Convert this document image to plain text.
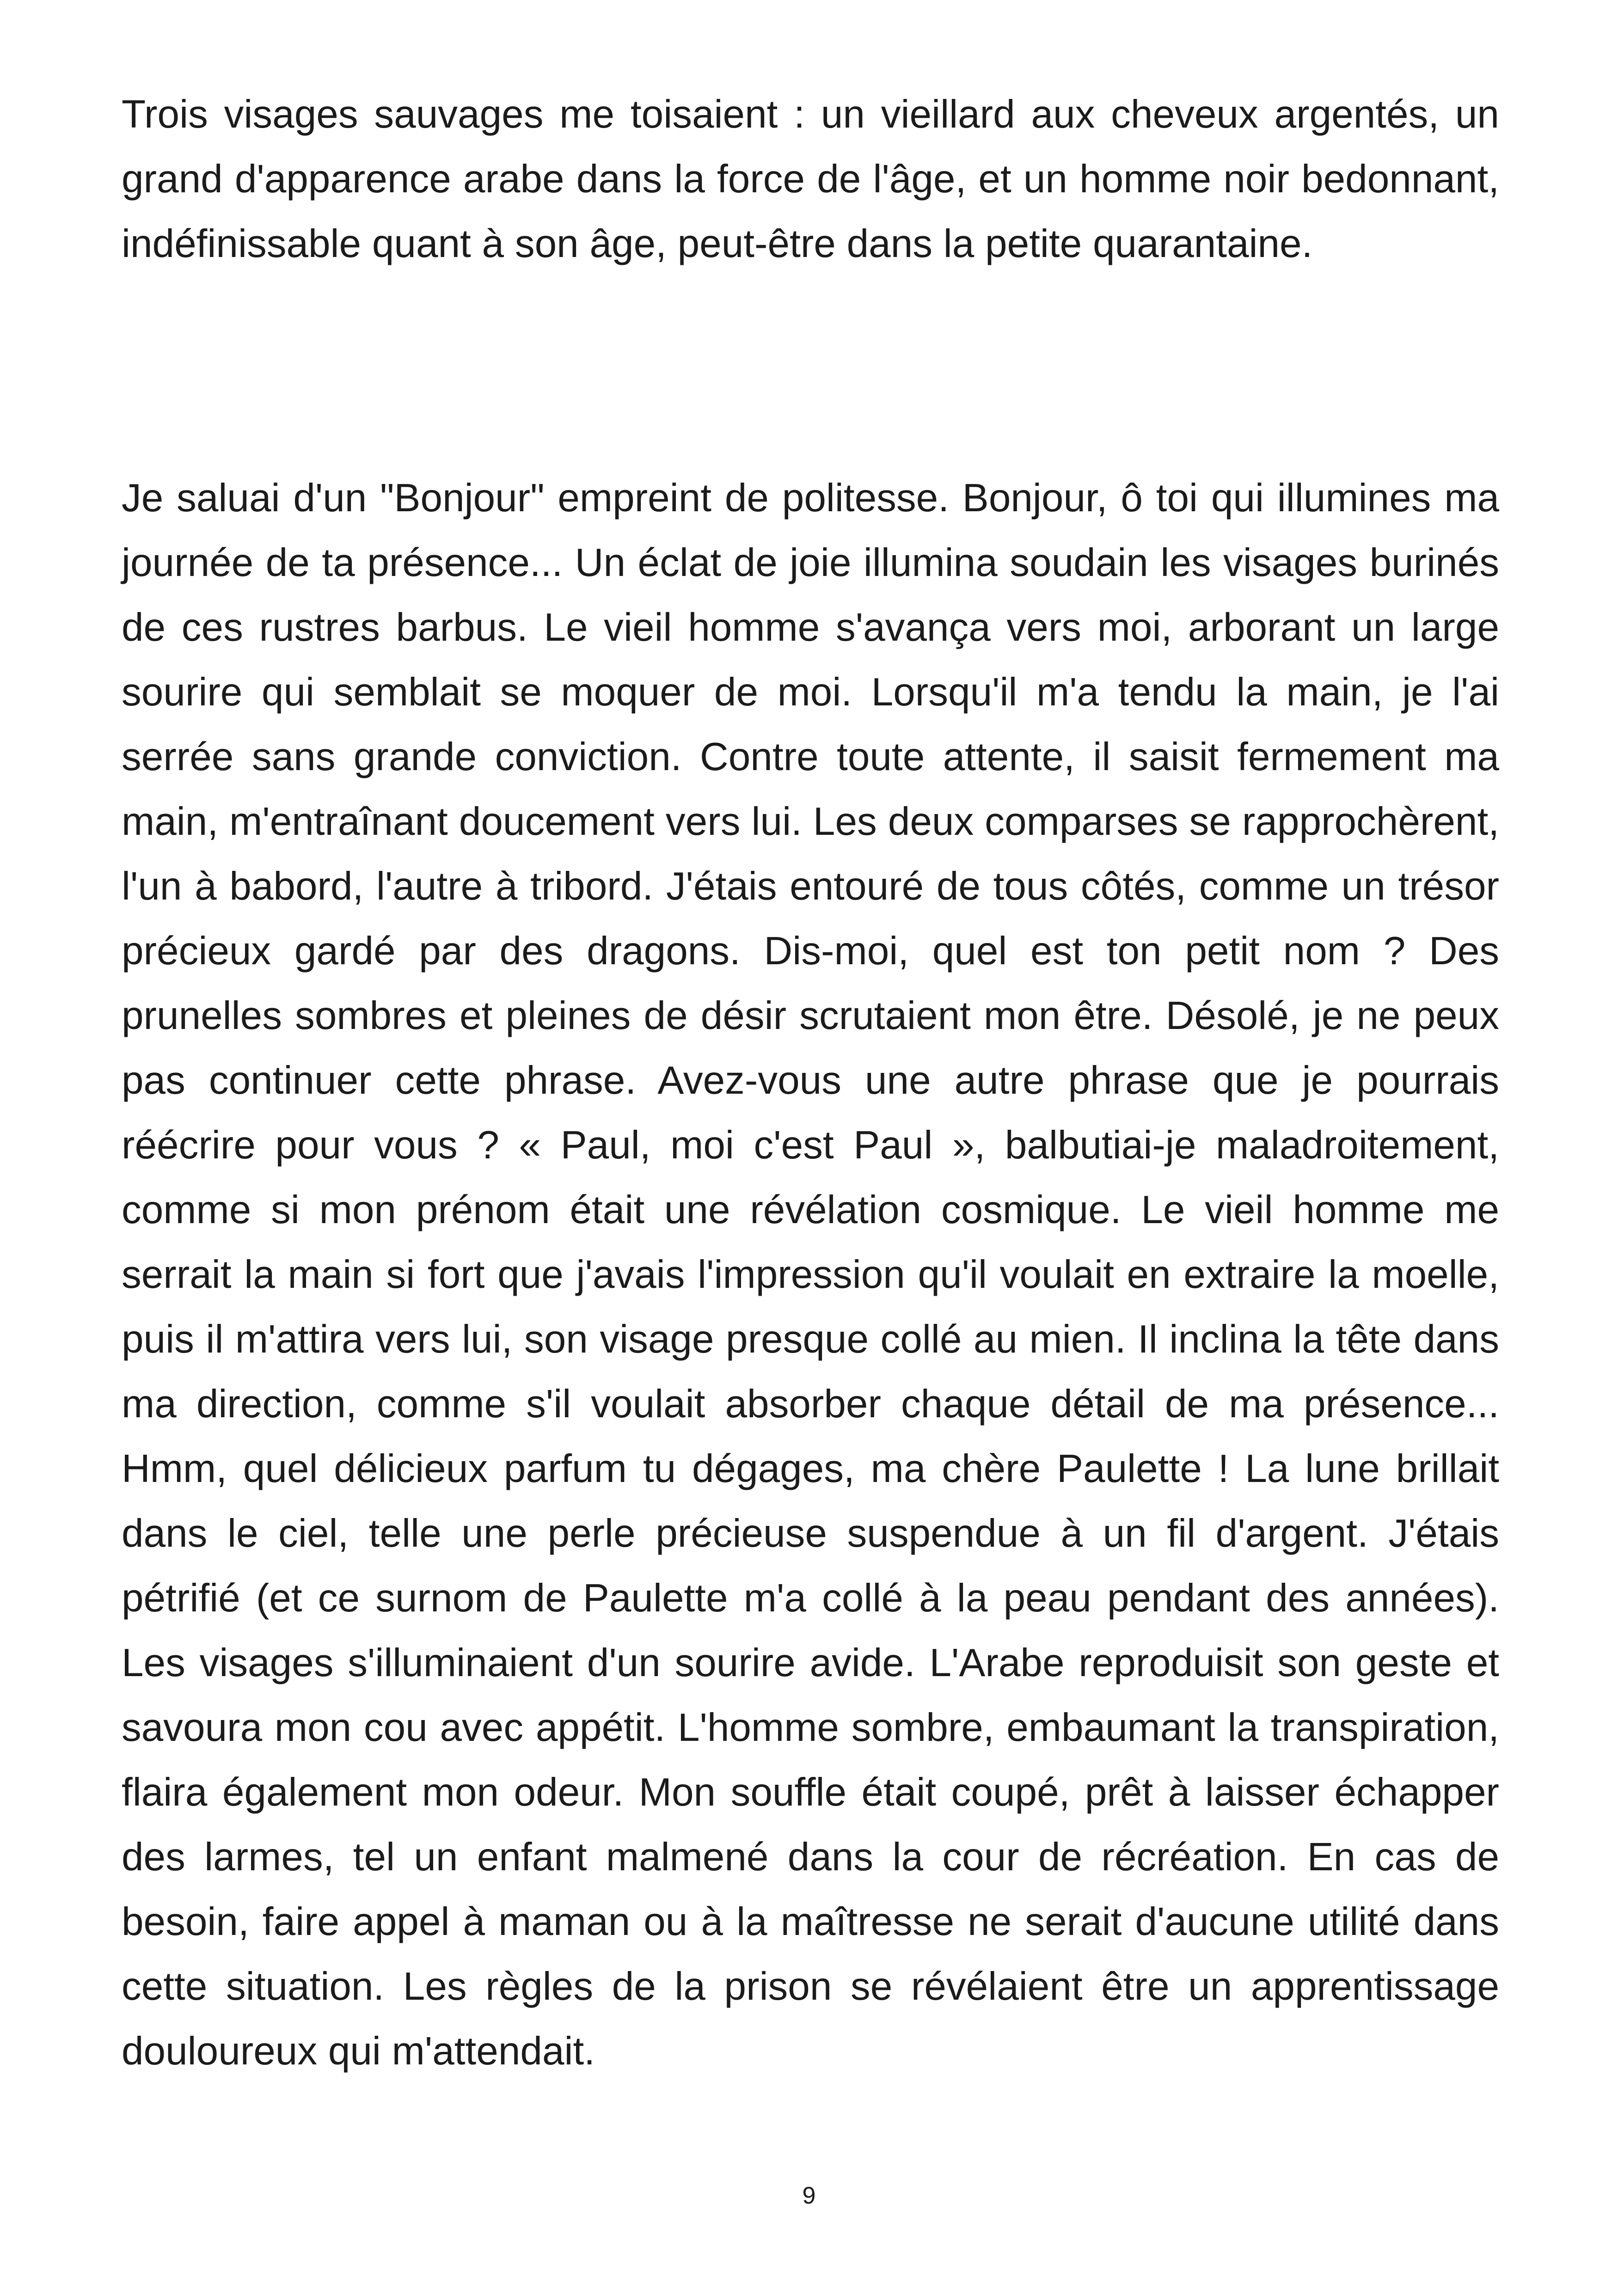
Trois visages sauvages me toisaient : un vieillard aux cheveux argentés, un grand d'apparence arabe dans la force de l'âge, et un homme noir bedonnant, indéfinissable quant à son âge, peut-être dans la petite quarantaine.

Je saluai d'un "Bonjour" empreint de politesse. Bonjour, ô toi qui illumines ma journée de ta présence... Un éclat de joie illumina soudain les visages burinés de ces rustres barbus. Le vieil homme s'avança vers moi, arborant un large sourire qui semblait se moquer de moi. Lorsqu'il m'a tendu la main, je l'ai serrée sans grande conviction. Contre toute attente, il saisit fermement ma main, m'entraînant doucement vers lui. Les deux comparses se rapprochèrent, l'un à babord, l'autre à tribord. J'étais entouré de tous côtés, comme un trésor précieux gardé par des dragons. Dis-moi, quel est ton petit nom ? Des prunelles sombres et pleines de désir scrutaient mon être. Désolé, je ne peux pas continuer cette phrase. Avez-vous une autre phrase que je pourrais réécrire pour vous ? « Paul, moi c'est Paul », balbutiai-je maladroitement, comme si mon prénom était une révélation cosmique. Le vieil homme me serrait la main si fort que j'avais l'impression qu'il voulait en extraire la moelle, puis il m'attira vers lui, son visage presque collé au mien. Il inclina la tête dans ma direction, comme s'il voulait absorber chaque détail de ma présence... Hmm, quel délicieux parfum tu dégages, ma chère Paulette ! La lune brillait dans le ciel, telle une perle précieuse suspendue à un fil d'argent. J'étais pétrifié (et ce surnom de Paulette m'a collé à la peau pendant des années). Les visages s'illuminaient d'un sourire avide. L'Arabe reproduisit son geste et savoura mon cou avec appétit. L'homme sombre, embaumant la transpiration, flaira également mon odeur. Mon souffle était coupé, prêt à laisser échapper des larmes, tel un enfant malmené dans la cour de récréation. En cas de besoin, faire appel à maman ou à la maîtresse ne serait d'aucune utilité dans cette situation. Les règles de la prison se révélaient être un apprentissage douloureux qui m'attendait.

9
